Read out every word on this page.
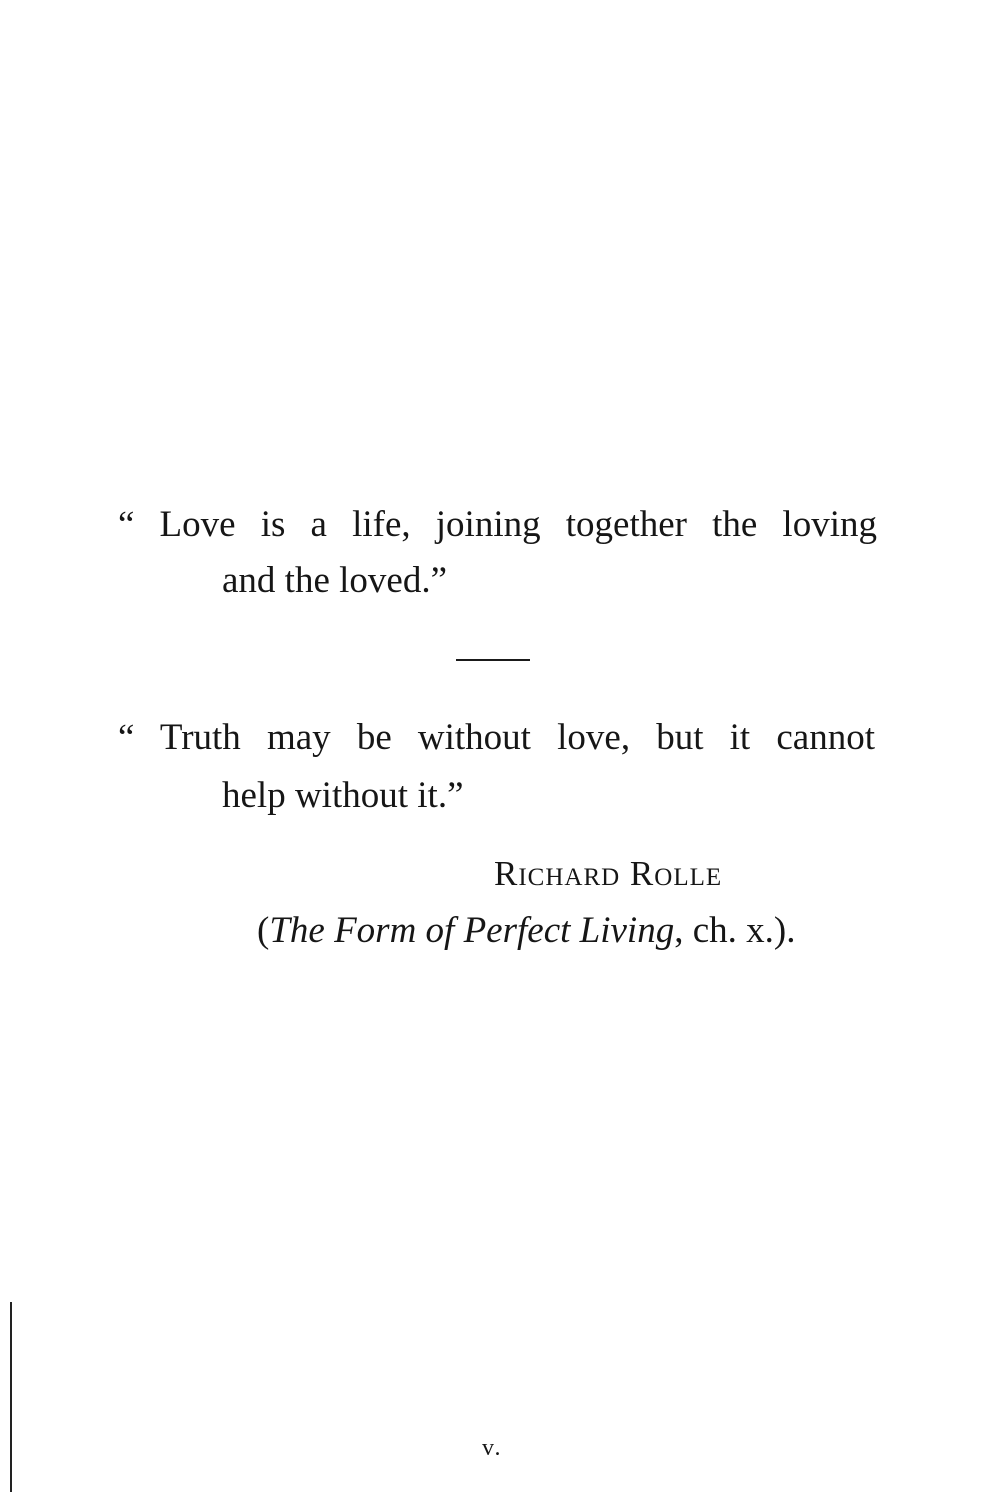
“ Love is a life, joining together the loving
and the loved.”
“ Truth may be without love, but it cannot
help without it.”
Richard Rolle
(The Form of Perfect Living, ch. x.).
v.
